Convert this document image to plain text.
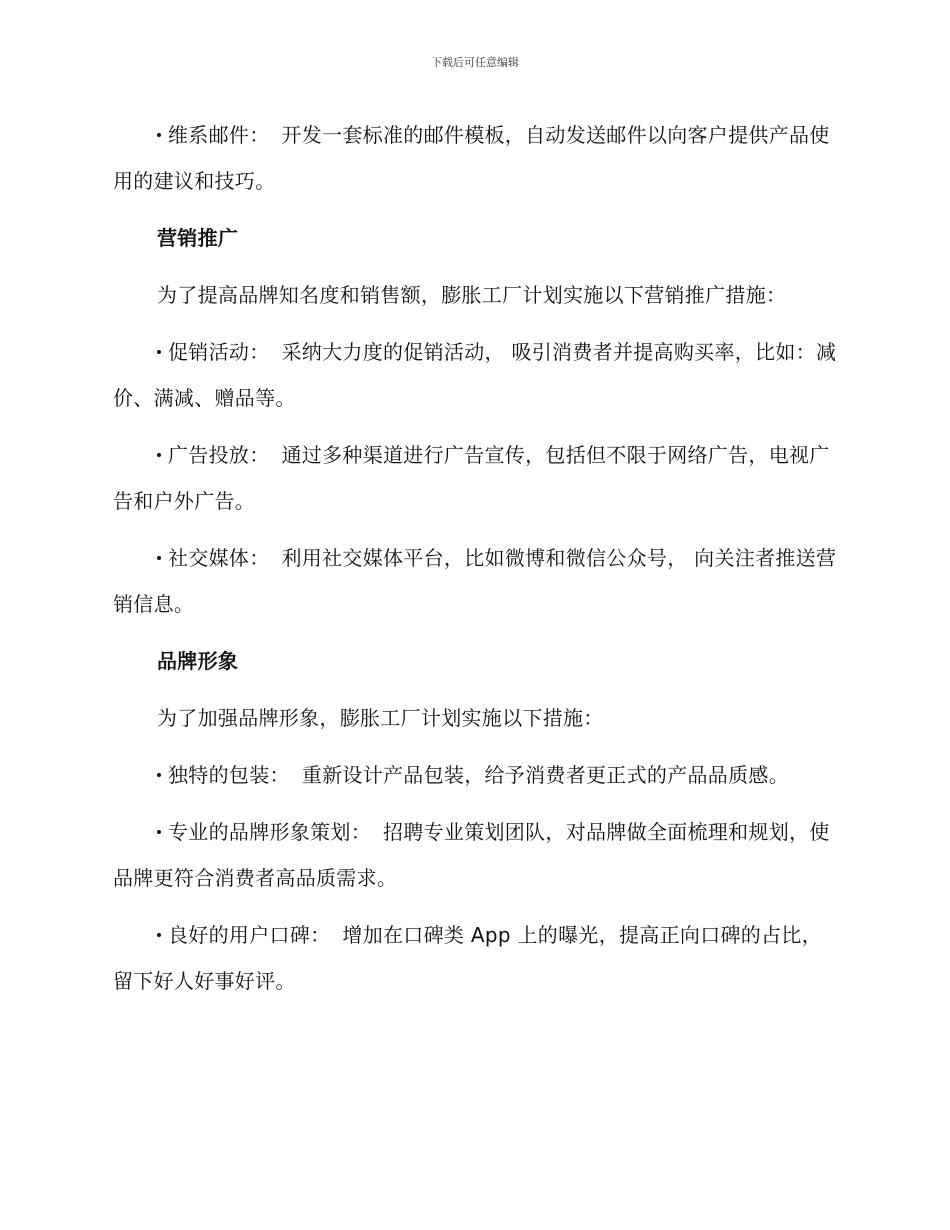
下载后可任意编辑

维系邮件： 开发一套标准的邮件模板，自动发送邮件以向客户提供产品使用的建议和技巧。

营销推广

为了提高品牌知名度和销售额，膨胀工厂计划实施以下营销推广措施：

促销活动： 采纳大力度的促销活动， 吸引消费者并提高购买率，比如：减价、满减、赠品等。

广告投放： 通过多种渠道进行广告宣传，包括但不限于网络广告，电视广告和户外广告。

社交媒体： 利用社交媒体平台，比如微博和微信公众号， 向关注者推送营销信息。

品牌形象

为了加强品牌形象，膨胀工厂计划实施以下措施：

独特的包装： 重新设计产品包装，给予消费者更正式的产品品质感。

专业的品牌形象策划： 招聘专业策划团队，对品牌做全面梳理和规划，使品牌更符合消费者高品质需求。

良好的用户口碑： 增加在口碑类 App 上的曝光，提高正向口碑的占比，留下好人好事好评。
